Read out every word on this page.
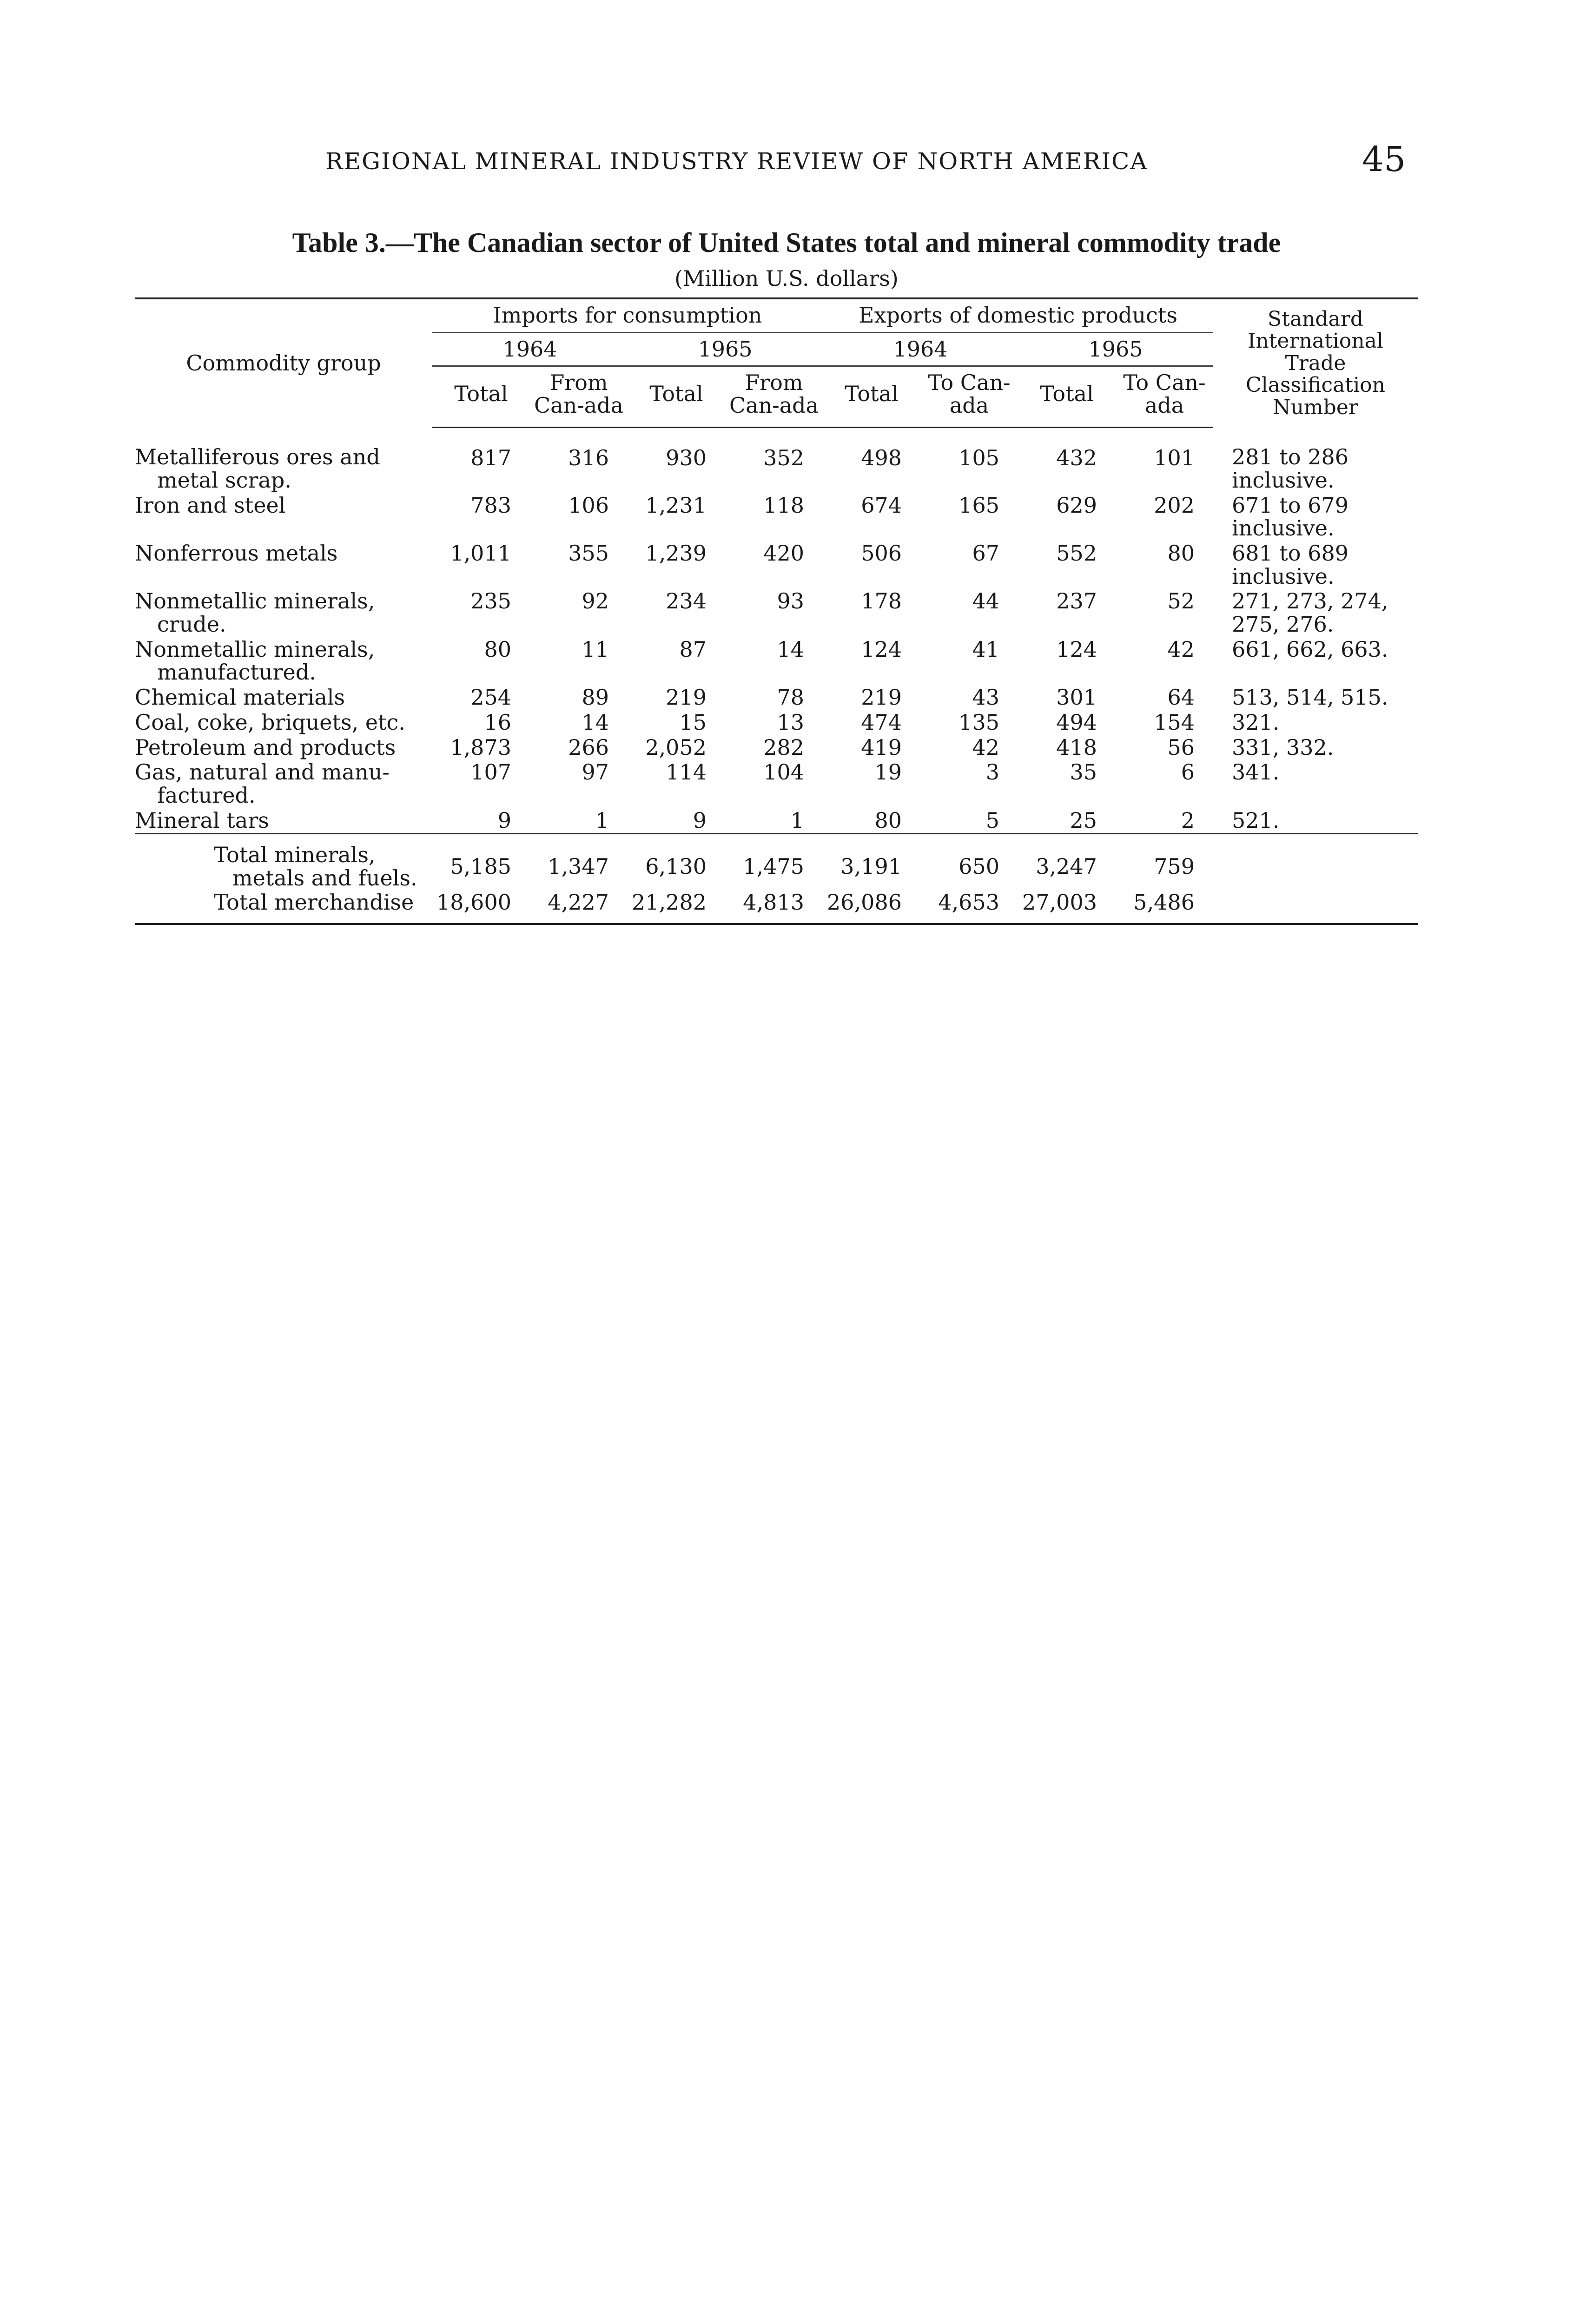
REGIONAL MINERAL INDUSTRY REVIEW OF NORTH AMERICA	45
Table 3.—The Canadian sector of United States total and mineral commodity trade
(Million U.S. dollars)
Commodity group	Imports for consumption				Exports of domestic products				Standard International Trade Classification Number
	1964		1965		1964		1965		
	Total	From Can-ada	Total	From Can-ada	Total	To Can-ada	Total	To Can-ada	
Metalliferous ores and
metal scrap.	817	316	930	352	498	105	432	101	281 to 286 inclusive.
Iron and steel	783	106	1,231	118	674	165	629	202	671 to 679 inclusive.
Nonferrous metals	1,011	355	1,239	420	506	67	552	80	681 to 689 inclusive.
Nonmetallic minerals,
crude.	235	92	234	93	178	44	237	52	271, 273, 274, 275, 276.
Nonmetallic minerals,
manufactured.	80	11	87	14	124	41	124	42	661, 662, 663.
Chemical materials	254	89	219	78	219	43	301	64	513, 514, 515.
Coal, coke, briquets, etc.	16	14	15	13	474	135	494	154	321.
Petroleum and products	1,873	266	2,052	282	419	42	418	56	331, 332.
Gas, natural and manu-
factured.	107	97	114	104	19	3	35	6	341.
Mineral tars	9	1	9	1	80	5	25	2	521.
Total minerals,
metals and fuels.	5,185	1,347	6,130	1,475	3,191	650	3,247	759	
Total merchandise	18,600	4,227	21,282	4,813	26,086	4,653	27,003	5,486	
